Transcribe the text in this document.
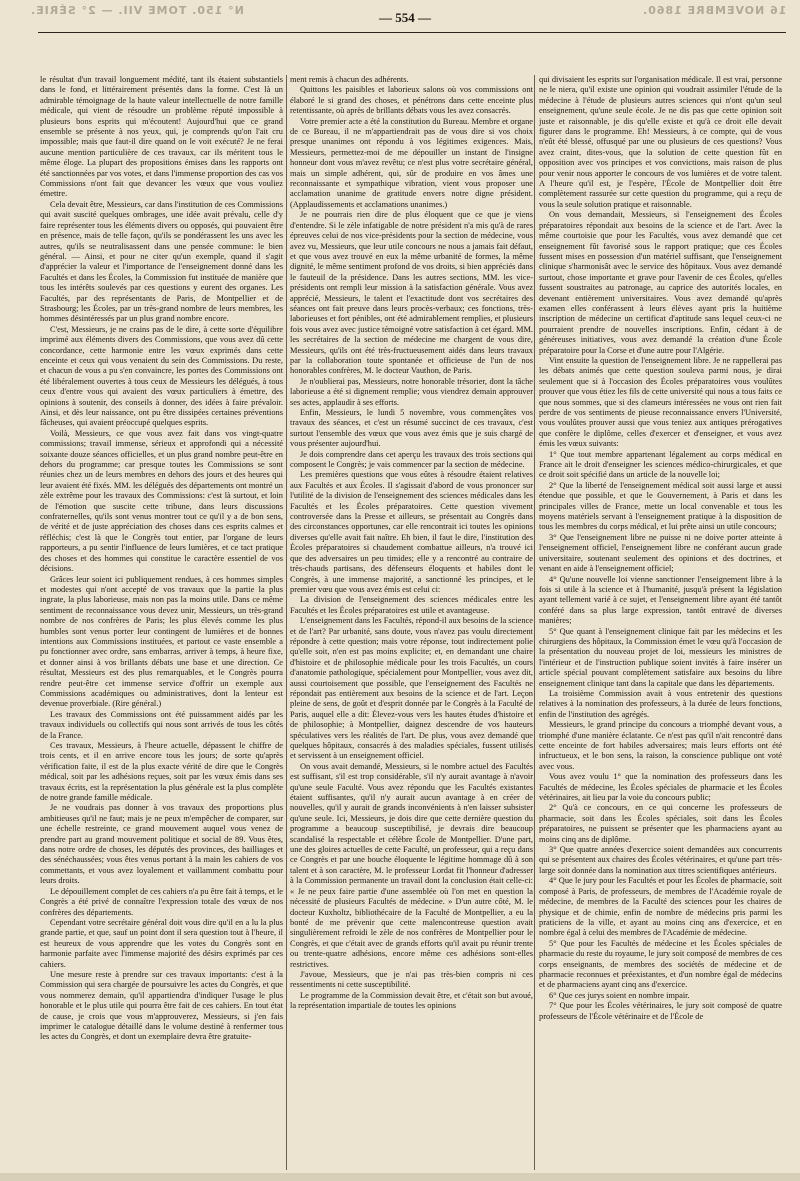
N° 150. TOME VII. — 2° SÉRIE.	— 554 —	16 NOVEMBRE 1860.

le résultat d'un travail longuement médité, tant ils étaient substantiels dans le fond, et littérairement présentés dans la forme. C'est là un admirable témoignage de la haute valeur intellectuelle de notre famille médicale, qui vient de résoudre un problème réputé impossible à plusieurs bons esprits qui m'écoutent! Aujourd'hui que ce grand ensemble se présente à nos yeux, qui, je comprends qu'on l'ait cru impossible; mais que faut-il dire quand on le voit exécuté? Je ne ferai aucune mention particulière de ces travaux, car ils méritent tous le même éloge. La plupart des propositions émises dans les rapports ont été sanctionnées par vos votes, et dans l'immense proportion des cas vos Commissions n'ont fait que devancer les vœux que vous vouliez émettre.

Cela devait être, Messieurs, car dans l'institution de ces Commissions qui avait suscité quelques ombrages, une idée avait prévalu, celle d'y faire représenter tous les éléments divers ou opposés, qui pouvaient être en présence, mais de telle façon, qu'ils se pondérassent les uns avec les autres, qu'ils se neutralisassent dans une pensée commune: le bien général. — Ainsi, et pour ne citer qu'un exemple, quand il s'agit d'apprécier la valeur et l'importance de l'enseignement donné dans les Facultés et dans les Écoles, la Commission fut instituée de manière que tous les intérêts soulevés par ces questions y eurent des organes. Les Facultés, par des représentants de Paris, de Montpellier et de Strasbourg; les Écoles, par un très-grand nombre de leurs membres, les hommes désintéressés par un plus grand nombre encore.

C'est, Messieurs, je ne crains pas de le dire, à cette sorte d'équilibre imprimé aux éléments divers des Commissions, que vous avez dû cette concordance, cette harmonie entre les vœux exprimés dans cette enceinte et ceux qui vous venaient du sein des Commissions. Du reste, et chacun de vous a pu s'en convaincre, les portes des Commissions ont été libéralement ouvertes à tous ceux de Messieurs les délégués, à tous ceux d'entre vous qui avaient des vœux particuliers à émettre, des opinions à soutenir, des conseils à donner, des idées à faire prévaloir. Ainsi, et dès leur naissance, ont pu être dissipées certaines préventions fâcheuses, qui avaient préoccupé quelques esprits.

Voilà, Messieurs, ce que vous avez fait dans vos vingt-quatre commissions; travail immense, sérieux et approfondi qui a nécessité soixante douze séances officielles, et un plus grand nombre peut-être en dehors du programme; car presque toutes les Commissions se sont réunies chez un de leurs membres en dehors des jours et des heures qui leur avaient été fixés. MM. les délégués des départements ont montré un zèle extrême pour les travaux des Commissions: c'est là surtout, et loin de l'émotion que suscite cette tribune, dans leurs discussions confraternelles, qu'ils sont venus montrer tout ce qu'il y a de bon sens, de vérité et de juste appréciation des choses dans ces esprits calmes et réfléchis; c'est là que le Congrès tout entier, par l'organe de leurs rapporteurs, a pu sentir l'influence de leurs lumières, et ce tact pratique des choses et des hommes qui constitue le caractère essentiel de vos décisions.

Grâces leur soient ici publiquement rendues, à ces hommes simples et modestes qui n'ont accepté de vos travaux que la partie la plus ingrate, la plus laborieuse, mais non pas la moins utile. Dans ce même sentiment de reconnaissance vous devez unir, Messieurs, un très-grand nombre de nos confrères de Paris; les plus élevés comme les plus humbles sont venus porter leur contingent de lumières et de bonnes intentions aux Commissions instituées, et partout ce vaste ensemble a pu fonctionner avec ordre, sans embarras, arriver à temps, à heure fixe, et donner ainsi à vos brillants débats une base et une direction. Ce résultat, Messieurs est des plus remarquables, et le Congrès pourra rendre peut-être cet immense service d'offrir un exemple aux Commissions académiques ou administratives, dont la lenteur est devenue proverbiale. (Rire général.)

Les travaux des Commissions ont été puissamment aidés par les travaux individuels ou collectifs qui nous sont arrivés de tous les côtés de la France.

Ces travaux, Messieurs, à l'heure actuelle, dépassent le chiffre de trois cents, et il en arrive encore tous les jours; de sorte qu'après vérification faite, il est de la plus exacte vérité de dire que le Congrès médical, soit par les adhésions reçues, soit par les vœux émis dans ses travaux écrits, est la représentation la plus générale est la plus complète de notre grande famille médicale.

Je ne voudrais pas donner à vos travaux des proportions plus ambitieuses qu'il ne faut; mais je ne peux m'empêcher de comparer, sur une échelle restreinte, ce grand mouvement auquel vous venez de prendre part au grand mouvement politique et social de 89. Vous êtes, dans notre ordre de choses, les députés des provinces, des bailliages et des sénéchaussées; vous êtes venus portant à la main les cahiers de vos commettants, et vous avez loyalement et vaillamment combattu pour leurs droits.

Le dépouillement complet de ces cahiers n'a pu être fait à temps, et le Congrès a été privé de connaître l'expression totale des vœux de nos confrères des départements.

Cependant votre secrétaire général doit vous dire qu'il en a lu la plus grande partie, et que, sauf un point dont il sera question tout à l'heure, il est heureux de vous apprendre que les votes du Congrès sont en harmonie parfaite avec l'immense majorité des désirs exprimés par ces cahiers.

Une mesure reste à prendre sur ces travaux importants: c'est à la Commission qui sera chargée de poursuivre les actes du Congrès, et que vous nommerez demain, qu'il appartiendra d'indiquer l'usage le plus honorable et le plus utile qui pourra être fait de ces cahiers. En tout état de cause, je crois que vous m'approuverez, Messieurs, si j'en fais imprimer le catalogue détaillé dans le volume destiné à renfermer tous les actes du Congrès, et dont un exemplaire devra être gratuite-

ment remis à chacun des adhérents.

Quittons les paisibles et laborieux salons où vos commissions ont élaboré le si grand des choses, et pénétrons dans cette enceinte plus retentissante, où après de brillants débats vous les avez consacrés.

Votre premier acte a été la constitution du Bureau. Membre et organe de ce Bureau, il ne m'appartiendrait pas de vous dire si vos choix presque unanimes ont répondu à vos légitimes exigences. Mais, Messieurs, permettez-moi de me dépouiller un instant de l'insigne honneur dont vous m'avez revêtu; ce n'est plus votre secrétaire général, mais un simple adhérent, qui, sûr de produire en vos âmes une reconnaissante et sympathique vibration, vient vous proposer une acclamation unanime de gratitude envers notre digne président. (Applaudissements et acclamations unanimes.)

Je ne pourrais rien dire de plus éloquent que ce que je viens d'entendre. Si le zèle infatigable de notre président n'a mis qu'à de rares épreuves celui de nos vice-présidents pour la section de médecine, vous avez vu, Messieurs, que leur utile concours ne nous a jamais fait défaut, et que vous avez trouvé en eux la même urbanité de formes, la même dignité, le même sentiment profond de vos droits, si bien appréciés dans le fauteuil de la présidence. Dans les autres sections, MM. les vice-présidents ont rempli leur mission à la satisfaction générale. Vous avez apprécié, Messieurs, le talent et l'exactitude dont vos secrétaires des séances ont fait preuve dans leurs procès-verbaux; ces fonctions, très-laborieuses et fort pénibles, ont été admirablement remplies, et plusieurs fois vous avez avec justice témoigné votre satisfaction à cet égard. MM. les secrétaires de la section de médecine me chargent de vous dire, Messieurs, qu'ils ont été très-fructueusement aidés dans leurs travaux par la collaboration toute spontanée et officieuse de l'un de nos honorables confrères, M. le docteur Vauthon, de Paris.

Je n'oublierai pas, Messieurs, notre honorable trésorier, dont la tâche laborieuse a été si dignement remplie; vous viendrez demain approuver ses actes, applaudir à ses efforts.

Enfin, Messieurs, le lundi 5 novembre, vous commençâtes vos travaux des séances, et c'est un résumé succinct de ces travaux, c'est surtout l'ensemble des vœux que vous avez émis que je suis chargé de vous présenter aujourd'hui.

Je dois comprendre dans cet aperçu les travaux des trois sections qui composent le Congrès; je vais commencer par la section de médecine.

Les premières questions que vous eûtes à résoudre étaient relatives aux Facultés et aux Écoles. Il s'agissait d'abord de vous prononcer sur l'utilité de la division de l'enseignement des sciences médicales dans les Facultés et les Écoles préparatoires. Cette question vivement controversée dans la Presse et ailleurs, se présentait au Congrès dans des circonstances opportunes, car elle rencontrait ici toutes les opinions diverses qu'elle avait fait naître. Eh bien, il faut le dire, l'institution des Écoles préparatoires si chaudement combattue ailleurs, n'a trouvé ici que des adversaires un peu timides; elle y a rencontré au contraire de très-chauds partisans, des défenseurs éloquents et habiles dont le Congrès, à une immense majorité, a sanctionné les principes, et le premier vœu que vous avez émis est celui ci:

La division de l'enseignement des sciences médicales entre les Facultés et les Écoles préparatoires est utile et avantageuse.

L'enseignement dans les Facultés, répond-il aux besoins de la science et de l'art? Par urbanité, sans doute, vous n'avez pas voulu directement répondre à cette question; mais votre réponse, tout indirectement polie qu'elle soit, n'en est pas moins explicite; et, en demandant une chaire d'histoire et de philosophie médicale pour les trois Facultés, un cours d'anatomie pathologique, spécialement pour Montpellier, vous avez dit, aussi courtoisement que possible, que l'enseignement des Facultés ne répondait pas entièrement aux besoins de la science et de l'art. Leçon pleine de sens, de goût et d'esprit donnée par le Congrès à la Faculté de Paris, auquel elle a dit: Élevez-vous vers les hautes études d'histoire et de philosophie; à Montpellier, daignez descendre de vos hauteurs spéculatives vers les réalités de l'art. De plus, vous avez demandé que quelques hôpitaux, consacrés à des maladies spéciales, fussent utilisés et servissent à un enseignement officiel.

On vous avait demandé, Messieurs, si le nombre actuel des Facultés est suffisant, s'il est trop considérable, s'il n'y aurait avantage à n'avoir qu'une seule Faculté. Vous avez répondu que les Facultés existantes étaient suffisantes, qu'il n'y aurait aucun avantage à en créer de nouvelles, qu'il y aurait de grands inconvénients à n'en laisser subsister qu'une seule. Ici, Messieurs, je dois dire que cette dernière question du programme a beaucoup susceptibilisé, je devrais dire beaucoup scandalisé la respectable et célèbre École de Montpellier. D'une part, une des gloires actuelles de cette Faculté, un professeur, qui a reçu dans ce Congrès et par une bouche éloquente le légitime hommage dû à son talent et à son caractère, M. le professeur Lordat fit l'honneur d'adresser à la Commission permanente un travail dont la conclusion était celle-ci: « Je ne peux faire partie d'une assemblée où l'on met en question la nécessité de plusieurs Facultés de médecine. » D'un autre côté, M. le docteur Kuxholtz, bibliothécaire de la Faculté de Montpellier, a eu la bonté de me prévenir que cette malencontreuse question avait singulièrement refroidi le zèle de nos confrères de Montpellier pour le Congrès, et que c'était avec de grands efforts qu'il avait pu réunir trente ou trente-quatre adhésions, encore même ces adhésions sont-elles restrictives.

J'avoue, Messieurs, que je n'ai pas très-bien compris ni ces ressentiments ni cette susceptibilité.

Le programme de la Commission devait être, et c'était son but avoué, la représentation impartiale de toutes les opinions

qui divisaient les esprits sur l'organisation médicale. Il est vrai, personne ne le niera, qu'il existe une opinion qui voudrait assimiler l'étude de la médecine à l'étude de plusieurs autres sciences qui n'ont qu'un seul enseignement, qu'une seule école. Je ne dis pas que cette opinion soit juste et raisonnable, je dis qu'elle existe et qu'à ce droit elle devait figurer dans le programme. Eh! Messieurs, à ce compte, qui de vous n'eût été blessé, offusqué par une ou plusieurs de ces questions? Vous avez craint, dites-vous, que la solution de cette question fût en opposition avec vos principes et vos convictions, mais raison de plus pour venir nous apporter le concours de vos lumières et de votre talent. A l'heure qu'il est, je l'espère, l'École de Montpellier doit être complètement rassurée sur cette question du programme, qui a reçu de vous la seule solution pratique et raisonnable.

On vous demandait, Messieurs, si l'enseignement des Écoles préparatoires répondait aux besoins de la science et de l'art. Avec la même courtoisie que pour les Facultés, vous avez demandé que cet enseignement fût favorisé sous le rapport pratique; que ces Écoles fussent mises en possession d'un matériel suffisant, que l'enseignement clinique s'harmonisât avec le service des hôpitaux. Vous avez demandé surtout, chose importante et grave pour l'avenir de ces Écoles, qu'elles fussent soustraites au patronage, au caprice des autorités locales, en devenant entièrement universitaires. Vous avez demandé qu'après examen elles conférassent à leurs élèves ayant pris la huitième inscription de médecine un certificat d'aptitude sans lequel ceux-ci ne pourraient prendre de nouvelles inscriptions. Enfin, cédant à de généreuses initiatives, vous avez demandé la création d'une École préparatoire pour la Corse et d'une autre pour l'Algérie.

Vint ensuite la question de l'enseignement libre. Je ne rappellerai pas les débats animés que cette question souleva parmi nous, je dirai seulement que si à l'occasion des Écoles préparatoires vous voulûtes prouver que vous étiez les fils de cette université qui nous a tous faits ce que nous sommes, que si des clameurs intéressées ne vous ont rien fait perdre de vos sentiments de pieuse reconnaissance envers l'Université, vous voulûtes prouver aussi que vous teniez aux antiques prérogatives que confère le diplôme, celles d'exercer et d'enseigner, et vous avez émis les vœux suivants:

1° Que tout membre appartenant légalement au corps médical en France ait le droit d'enseigner les sciences médico-chirurgicales, et que ce droit soit spécifié dans un article de la nouvelle loi;

2° Que la liberté de l'enseignement médical soit aussi large et aussi étendue que possible, et que le Gouvernement, à Paris et dans les principales villes de France, mette un local convenable et tous les moyens matériels servant à l'enseignement pratique à la disposition de tous les membres du corps médical, et lui prête ainsi un utile concours;

3° Que l'enseignement libre ne puisse ni ne doive porter atteinte à l'enseignement officiel, l'enseignement libre ne conférant aucun grade universitaire, soutenant seulement des opinions et des doctrines, et venant en aide à l'enseignement officiel;

4° Qu'une nouvelle loi vienne sanctionner l'enseignement libre à la fois si utile à la science et à l'humanité, jusqu'à présent la législation ayant tellement varié à ce sujet, et l'enseignement libre ayant été tantôt conféré dans sa plus large expression, tantôt entravé de diverses manières;

5° Que quant à l'enseignement clinique fait par les médecins et les chirurgiens des hôpitaux, la Commission émet le vœu qu'à l'occasion de la présentation du nouveau projet de loi, messieurs les ministres de l'intérieur et de l'instruction publique soient invités à faire insérer un article spécial pouvant complètement satisfaire aux besoins du libre enseignement clinique tant dans la capitale que dans les départements.

La troisième Commission avait à vous entretenir des questions relatives à la nomination des professeurs, à la durée de leurs fonctions, enfin de l'institution des agrégés.

Messieurs, le grand principe du concours a triomphé devant vous, a triomphé d'une manière éclatante. Ce n'est pas qu'il n'ait rencontré dans cette enceinte de fort habiles adversaires; mais leurs efforts ont été infructueux, et le bon sens, la raison, la conscience publique ont voté avec vous.

Vous avez voulu 1° que la nomination des professeurs dans les Facultés de médecine, les Écoles spéciales de pharmacie et les Écoles vétérinaires, ait lieu par la voie du concours public;

2° Qu'à ce concours, en ce qui concerne les professeurs de pharmacie, soit dans les Écoles spéciales, soit dans les Écoles préparatoires, ne puissent se présenter que les pharmaciens ayant au moins cinq ans de diplôme.

3° Que quatre années d'exercice soient demandées aux concurrents qui se présentent aux chaires des Écoles vétérinaires, et qu'une part très-large soit donnée dans la nomination aux titres scientifiques antérieurs.

4° Que le jury pour les Facultés et pour les Écoles de pharmacie, soit composé à Paris, de professeurs, de membres de l'Académie royale de médecine, de membres de la Faculté des sciences pour les chaires de physique et de chimie, enfin de nombre de médecins pris parmi les praticiens de la ville, et ayant au moins cinq ans d'exercice, et en nombre égal à celui des membres de l'Académie de médecine.

5° Que pour les Facultés de médecine et les Écoles spéciales de pharmacie du reste du royaume, le jury soit composé de membres de ces corps enseignants, de membres des sociétés de médecine et de pharmacie reconnues et préexistantes, et d'un nombre égal de médecins et de pharmaciens ayant cinq ans d'exercice.

6° Que ces jurys soient en nombre impair.

7° Que pour les Écoles vétérinaires, le jury soit composé de quatre professeurs de l'École vétérinaire et de l'École de
